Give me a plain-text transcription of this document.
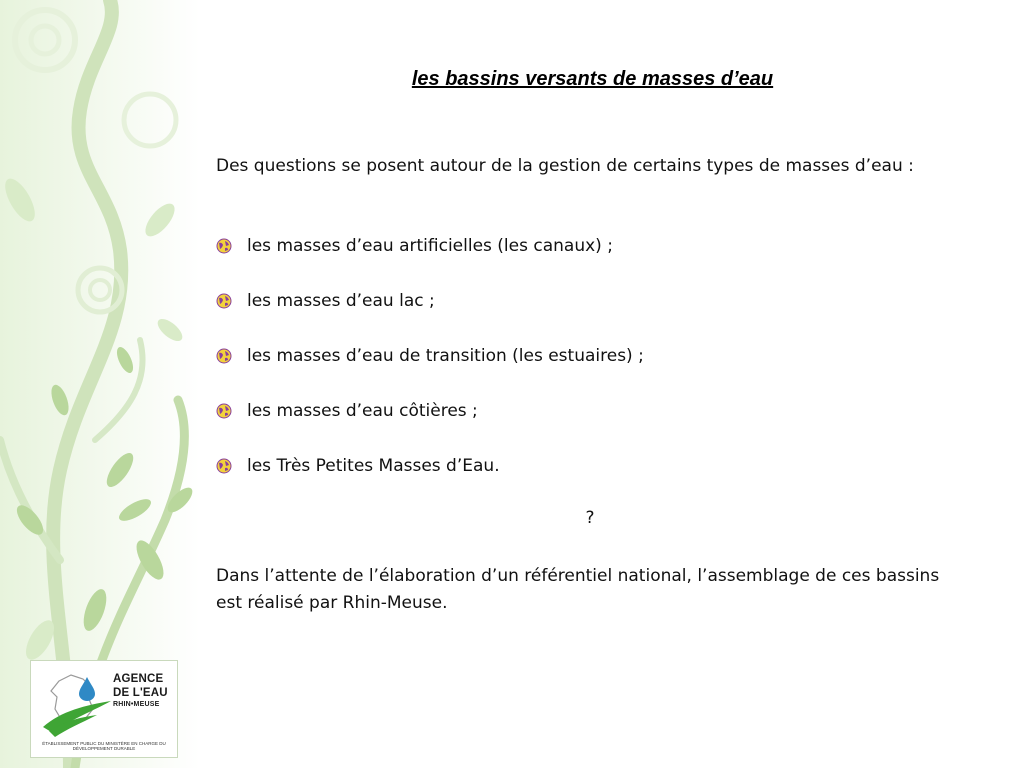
les bassins versants de masses d’eau

Des questions se posent autour de la gestion de certains types de masses d’eau :

les masses d’eau artificielles (les canaux) ;
les masses d’eau lac ;
les masses d’eau de transition (les estuaires) ;
les masses d’eau côtières ;
les Très Petites Masses d’Eau.

?

Dans l’attente de l’élaboration d’un référentiel national, l’assemblage de ces bassins est réalisé par Rhin-Meuse.

AGENCE
DE L'EAU
RHIN•MEUSE
ÉTABLISSEMENT PUBLIC DU MINISTÈRE EN CHARGE DU DÉVELOPPEMENT DURABLE
